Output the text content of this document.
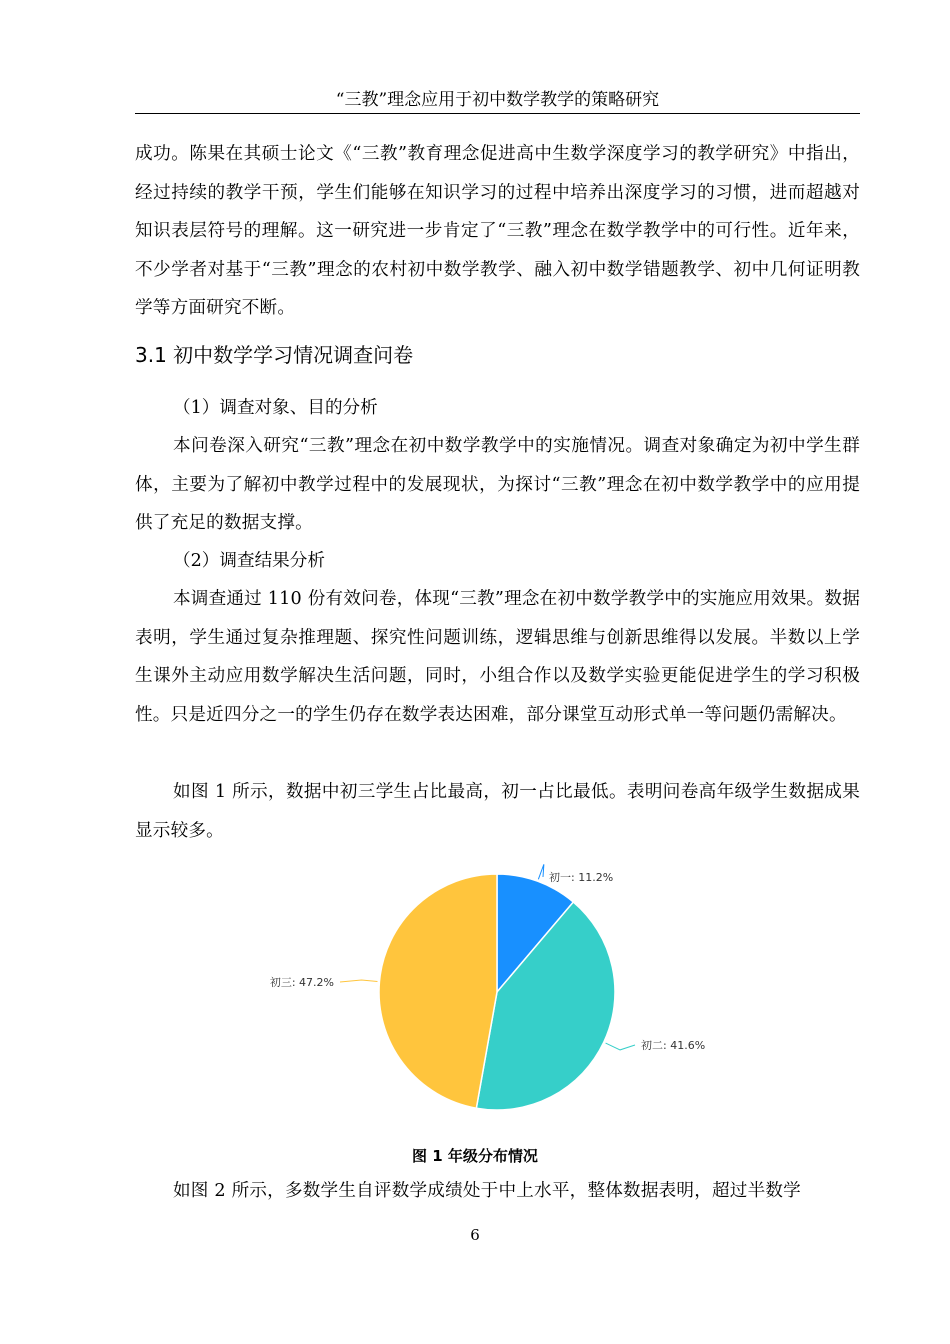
“三教”理念应用于初中数学教学的策略研究

成功。陈果在其硕士论文《“三教”教育理念促进高中生数学深度学习的教学研究》中指出，经过持续的教学干预，学生们能够在知识学习的过程中培养出深度学习的习惯，进而超越对知识表层符号的理解。这一研究进一步肯定了“三教”理念在数学教学中的可行性。近年来，不少学者对基于“三教”理念的农村初中数学教学、融入初中数学错题教学、初中几何证明教学等方面研究不断。

3.1 初中数学学习情况调查问卷

（1）调查对象、目的分析

本问卷深入研究“三教”理念在初中数学教学中的实施情况。调查对象确定为初中学生群体，主要为了解初中教学过程中的发展现状，为探讨“三教”理念在初中数学教学中的应用提供了充足的数据支撑。

（2）调查结果分析

本调查通过 110 份有效问卷，体现“三教”理念在初中数学教学中的实施应用效果。数据表明，学生通过复杂推理题、探究性问题训练，逻辑思维与创新思维得以发展。半数以上学生课外主动应用数学解决生活问题，同时，小组合作以及数学实验更能促进学生的学习积极性。只是近四分之一的学生仍存在数学表达困难，部分课堂互动形式单一等问题仍需解决。

如图 1 所示，数据中初三学生占比最高，初一占比最低。表明问卷高年级学生数据成果显示较多。

初一: 11.2%
初二: 41.6%
初三: 47.2%
图 1 年级分布情况

如图 2 所示，多数学生自评数学成绩处于中上水平，整体数据表明，超过半数学

6
